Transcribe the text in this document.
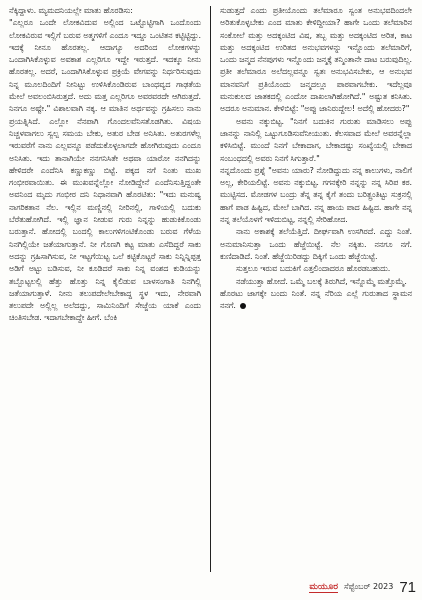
ನೆಕ್ಕಿದ್ದಾಳು. ಮ್ಯಮದನಿಯಲ್ಲೇ ಮಾತು ಹೊರಡಿಸು:

"ಎಲ್ಲರೂ ಒಂದೇ ಲೋಕವಿದುವ ಅಲ್ಲಿಂದ ಒಟ್ಟೊಟ್ಟಿಗಾಗಿ ಒಂದೊಂದು ಲೋಕವಿರುವ ಇಲ್ಲಿಗೆ ಬರುವ ಅತ್ಮಗಳಿಗೆ ಎಂದೂ ಇದ್ದೂ ಒಂಟಿತನ ಕಟ್ಟಿಟ್ಟಿದ್ದು. ಇದಕ್ಕೆ ನೀನೂ ಹೊರತಲ್ಲ. ಆದಾಗ್ಯೂ ಅದರಿಂದ ಲೋಕಗಳನ್ನು ಒಂದಾಗಿಸಿಕೊಳ್ಳುವ ಅವಕಾಶ ಎಲ್ಲರಿಗೂ ಇದ್ದೇ ಇರುತ್ತದೆ. ಇದಕ್ಕೂ ನೀನು ಹೊರತಲ್ಲ. ಅದರೆ, ಒಂದಾಗಿಸಿಕೊಳ್ಳುವ ಪ್ರಕ್ರಿಯೆ ವೇಗವನ್ನು ನಿರ್ಧರಿಸುವುದು ನಿನ್ನ ಮೂಲದಿಂದಿಗೆ ನೀನಿಟ್ಟು ಉಳಿಸಿಕೊಂಡಿರುವ ಬಾಂಧವ್ಯದ ಗಾಢತೆಯ ಮೇಲೆ ಅವಲಂಬಿಸಿರುತ್ತದೆ. ಅದು ಮತ್ತ ಎಲ್ಲರಿಗೂ ಅವರವರದೇ ಆಗಿರುತ್ತದೆ. ನಿನಗೂ ಅಷ್ಟೇ." ವಿಶಾಲವಾಗಿ ನಕ್ಕ. ಆ ಮಾತಿನ ಅರ್ಥವನ್ನು ಗ್ರಹಿಸಲು ನಾನು ಪ್ರಯತ್ನಿಸಿದೆ. ಎಲ್ಲೋ ನೆನಪಾಗಿ ಗೊಂದಲವೆನಿಸತೊಡಗಿತು. ವಿಷಯ ನಿಚ್ಚಳವಾಗಲು ಸ್ವಲ್ಪ ಸಮಯ ಬೇಕು, ಅತುರ ಬೇಡ ಅನಿಸಿತು. ಅತುರಗಳೆಲ್ಲ ಇರುವರೆಗೆ ನಾನು ಎಲ್ಲವನ್ನೂ ಪಡೆದುಕೊಳ್ಳಲಾಗದೇ ಹೋಗಿರುವುದು ಎಂದೂ ಅನಿಸಿತು. ಇದು ತಾನಾಗಿಯೇ ನನಗನಿಸಿತೇ ಅಥವಾ ಯಾರೋ ನನಗಿದನ್ನು ಹೇಳಿದರೇ ಎಂದೆನಿಸಿ ಕಣ್ಣುಕಣ್ಣು ಬಿಟ್ಟೆ. ಪಕ್ಕದ ನಗೆ ನಿಂತು ಮುಖ ಗಂಭೀರವಾಯಿತು. ಈ ಮುಖವನ್ನೆಲ್ಲೋ ನೋಡಿದ್ದೇನೆ ಎಂದೆನಿಸುತ್ತಿದ್ದಂತೇ ಅವನಿಂದ ಮೃದು ಗಂಭೀರ ದನಿ ನಿಧಾನವಾಗಿ ಹೊರಟಿತು: "ಇದು ಮನುಷ್ಯ ನಾಗರಿಕತಾನ ನೆಲ. ಇಲ್ಲಿನ ಮಣ್ಣಿನಲ್ಲಿ ನೀರಿನಲ್ಲಿ, ಗಾಳಿಯಲ್ಲಿ ಬದುಕು ಬೆರೆತುಹೋಗಿದೆ. ಇಲ್ಲಿ ಜ್ಞಾನ ನೀಡುವ ಗುರು ನಿನ್ನನ್ನು ಹುಡುಕಿಕೊಂಡು ಬರುತ್ತಾನೆ. ಹೋದಲ್ಲಿ ಬಂದಲ್ಲಿ ಕಾಲುಗಳಿಗಂಟಿಕೊಂಡು ಬರುವ ಗೆಳೆಯ ನಿನಗಿಲ್ಲಿಯೇ ಜತೆಯಾಗುತ್ತಾನೆ. ನೀ ಗೊಣಗಿ ಕಟ್ಟ ಮಾತು ಎಸೆದಿದ್ದರೆ ಸಾಕು ಅದನ್ನು ಗ್ರಹಿಸಾಗಿಸುವ, ನೀ ಇಟ್ಟಗೆಯಿಟ್ಟ ಒಲೆ ಕಟ್ಟಿಕೊಟ್ಟರೆ ಸಾಕು ನಿನ್ನಿನ್ನಿಪ್ಪತ್ತ ಅಡಿಗೆ ಅಟ್ಟು ಬಡಿಸುವ, ನೀ ಕೂಡಿದರೆ ಸಾಕು ನಿನ್ನ ವಂಶದ ಕುಡಿಯನ್ನು ತಬ್ಬೊಟ್ಟಲಲ್ಲಿ ಹೆತ್ತು ಹೊತ್ತು ನಿನ್ನ ಕೈಲಿಡುವ ಬಾಳಸಂಗಾತಿ ನಿನಗಿಲ್ಲಿ ಜತೆಯಾಗುತ್ತಾಳೆ. ನೀನು ತಲುಪದೇಲೇಬೇಕಾದ್ದ ಸ್ಥಳ ಇದು, ನೇರವಾಗಿ ತಲುಪದೇ ಅಲ್ಲಿಲ್ಲ ಅಲೆದದ್ದು, ಸಾಮಿನಿಂದಿಗೆ ಸೇಜ್ಜೆಯ ಯಾಕೆ ಎಂದು ಚಿಂತಿಸಬೇಡ. ಇದಾಗಬೇಕಾದ್ದೇ ಹೀಗೆ. ಬೆಂಕಿ

ಸುಡುತ್ತದೆ ಎಂದು ಪ್ರತೀಯೊಂದು ತಲೆಮಾರೂ ಸ್ವಂತ ಅನುಭವದಿಂದಲೇ ಅರಿತುಕೊಳ್ಳಬೇಕು ಎಂದ ಮಾತು ಕೇಳಿದ್ದೀಯಾ? ಹಾಗೇ ಒಂದು ತಲೆಮಾರಿನ ಸಂಕೋಲೆ ಮತ್ತು ಅದಕ್ಕಂಟಿದ ವಿಷ, ತಬ್ಬ ಮತ್ತು ಅದಕ್ಕಂಟಿದ ಅರಿತ, ಕಾಟ ಮತ್ತು ಅದಕ್ಕಂಟಿದ ಉರಿತದ ಅನುಭವಗಳನ್ನು ಇನ್ನೊಂದು ತಲೆಮಾರಿಗೆ, ಒಂದು ಜನ್ಮದ ನೆನಪುಗಳು ಇನ್ನೊಂದು ಜನ್ಮಕ್ಕೆ ತನ್ಮಿಂತಾನೇ ದಾಟ ಬರುವುದಿಲ್ಲ. ಪ್ರತೀ ತಲೆಮಾರೂ ಅಲೆದಲ್ಲವನ್ನೂ ಸ್ವತಃ ಅನುಭವಿಸಬೇಕು, ಆ ಅನುಭವ ಮಾನವನಿಗೆ ಪ್ರತಿಯೊಂದು ಜನ್ಮದಲ್ಲೂ ಪಾಠವಾಗಬೇಕು. ಇದೆಲ್ಲವೂ ಮನುಕುಲದ ಜಾತಕದಲ್ಲಿ ಎಂದೋ ದಾಖಲಾಗಿಹೋಗಿದೆ." ಅಷ್ಟುತ ಕನಿಸಿತು. ಅದರೂ ಅನುಮಾನ. ಕೇಳಿಬಿಟ್ಟೆ: "ಅಪ್ಪು ಜಾನಿರುದ್ದೇಲ! ಅದೆಲ್ಲಿ ಹೋದರು?"

ಅವನು ನಕ್ಕುಬಿಟ್ಟ. "ನಿನಗೆ ಬದುಕಿನ ಗುರುತು ಮಾಡಿಸಲು ಅಪ್ಪು ಜಾನನ್ನು ನಾನಿಲ್ಲಿ ಒಟ್ಟುಗೂಡಿಸುವೆನೀಯುತು. ಕೆಲಸವಾದ ಮೇಲೆ ಅವರನ್ನೆಲ್ಲಾ ಕಳಿಸಿಬಿಟ್ಟೆ. ಮುಂದೆ ನಿನಗೆ ಬೇಕಾದಾಗ, ಬೇಕಾದಷ್ಟು ಸಂಖ್ಯೆಯಲ್ಲಿ ಬೇಕಾದ ಸಂಬಂಧದಲ್ಲಿ ಅವರು ನಿನಗೆ ಸಿಗುತ್ತಾರೆ."

ನನ್ನದೊಂದು ಪ್ರಶ್ನೆ "ಅವನು ಯಾರು? ನೋಡಿದ್ದುದು ನನ್ನ ಕಾಲುಗಳು, ನಾಲಿಗೆ ಅಲ್ಲ, ಕೇರಿಯಲಿಟ್ಟೆ. ಅವನು ನಕ್ಕುಬಿಟ್ಟ. ಗಗನಕ್ಕೇರಿ ನನ್ನನ್ನು ನನ್ನ ಸಿರಿಪ ಕಠ. ಮುಟ್ಟಿಸದ. ಮೋಡಗಳ ಬಂದ್ರು ತೆನ್ನ ತನ್ನ ಕೈಗೆ ತಂದು ಬರಿತ್ಪ್ರಂತಿಟ್ಟು ಸುಕ್ರನಲ್ಲಿ ಹಾಗೆ ಪಾಡ ಹಿಷ್ಟಿದ, ಮೇಲೆ ಬಾಗಿದ. ನನ್ನ ಹಾಯ ಪಾದ ಹಿಷ್ಟಿದ. ಹಾಗೇ ನನ್ನ ನನ್ನ ತಲೆಯೊಳಗೆ ಇಳಿದುಬಿಟ್ಟ, ನನ್ನಲ್ಲಿ ಸೇರಿಹೋದ.

ನಾನು ಅಕಾಶಕ್ಕೆ ತಲೆಯೆತ್ತಿದೆ. ದೀರ್ಘವಾಗಿ ಉಸಗಿರದೆ. ಎದ್ದು ನಿಂತೆ. ಅನುಮಾನಿಸುತ್ತಾ ಒಂದು ಹೆಜ್ಜೆಯಿಟ್ಟೆ. ನೆಲ ನಕ್ಕಿತು. ನನಗೂ ನಗೆ. ಕುಣಿದಾಡಿದೆ. ನಿಂತೆ. ಹೆಜ್ಜೆಯಿರಿಡದ್ದು ದಿಕ್ಕಿಗೆ ಒಂದು ಹೆಜ್ಜೆಯಿಟ್ಟೆ.

ಸುತ್ತಲೂ ಇರುವ ಬದುಕಿಗೆ ಎತ್ತಲಿಂದಾದರೂ ಹೊರಡಬಹುದು.

ನಡೆಯುತ್ತಾ ಹೋದೆ. ಒಮ್ಮೆ ಬಲಕ್ಕೆ ತಿರುಗಿದೆ, ಇನ್ನೊಮ್ಮೆ ಮತ್ತೊಮ್ಮೆ.

ಹೊರಟು ಜಾಗಕ್ಕೇ ಬಂದು ನಿಂತೆ. ನನ್ನ ನೆರಿಯ ಎಲ್ಲೆ ಗುರುತಾದ ಸ್ಥಾಮನ ನನಗೆ.

ಮಯೂರ ಸೆಪ್ಟೆಂಬರ್ 2023 71
